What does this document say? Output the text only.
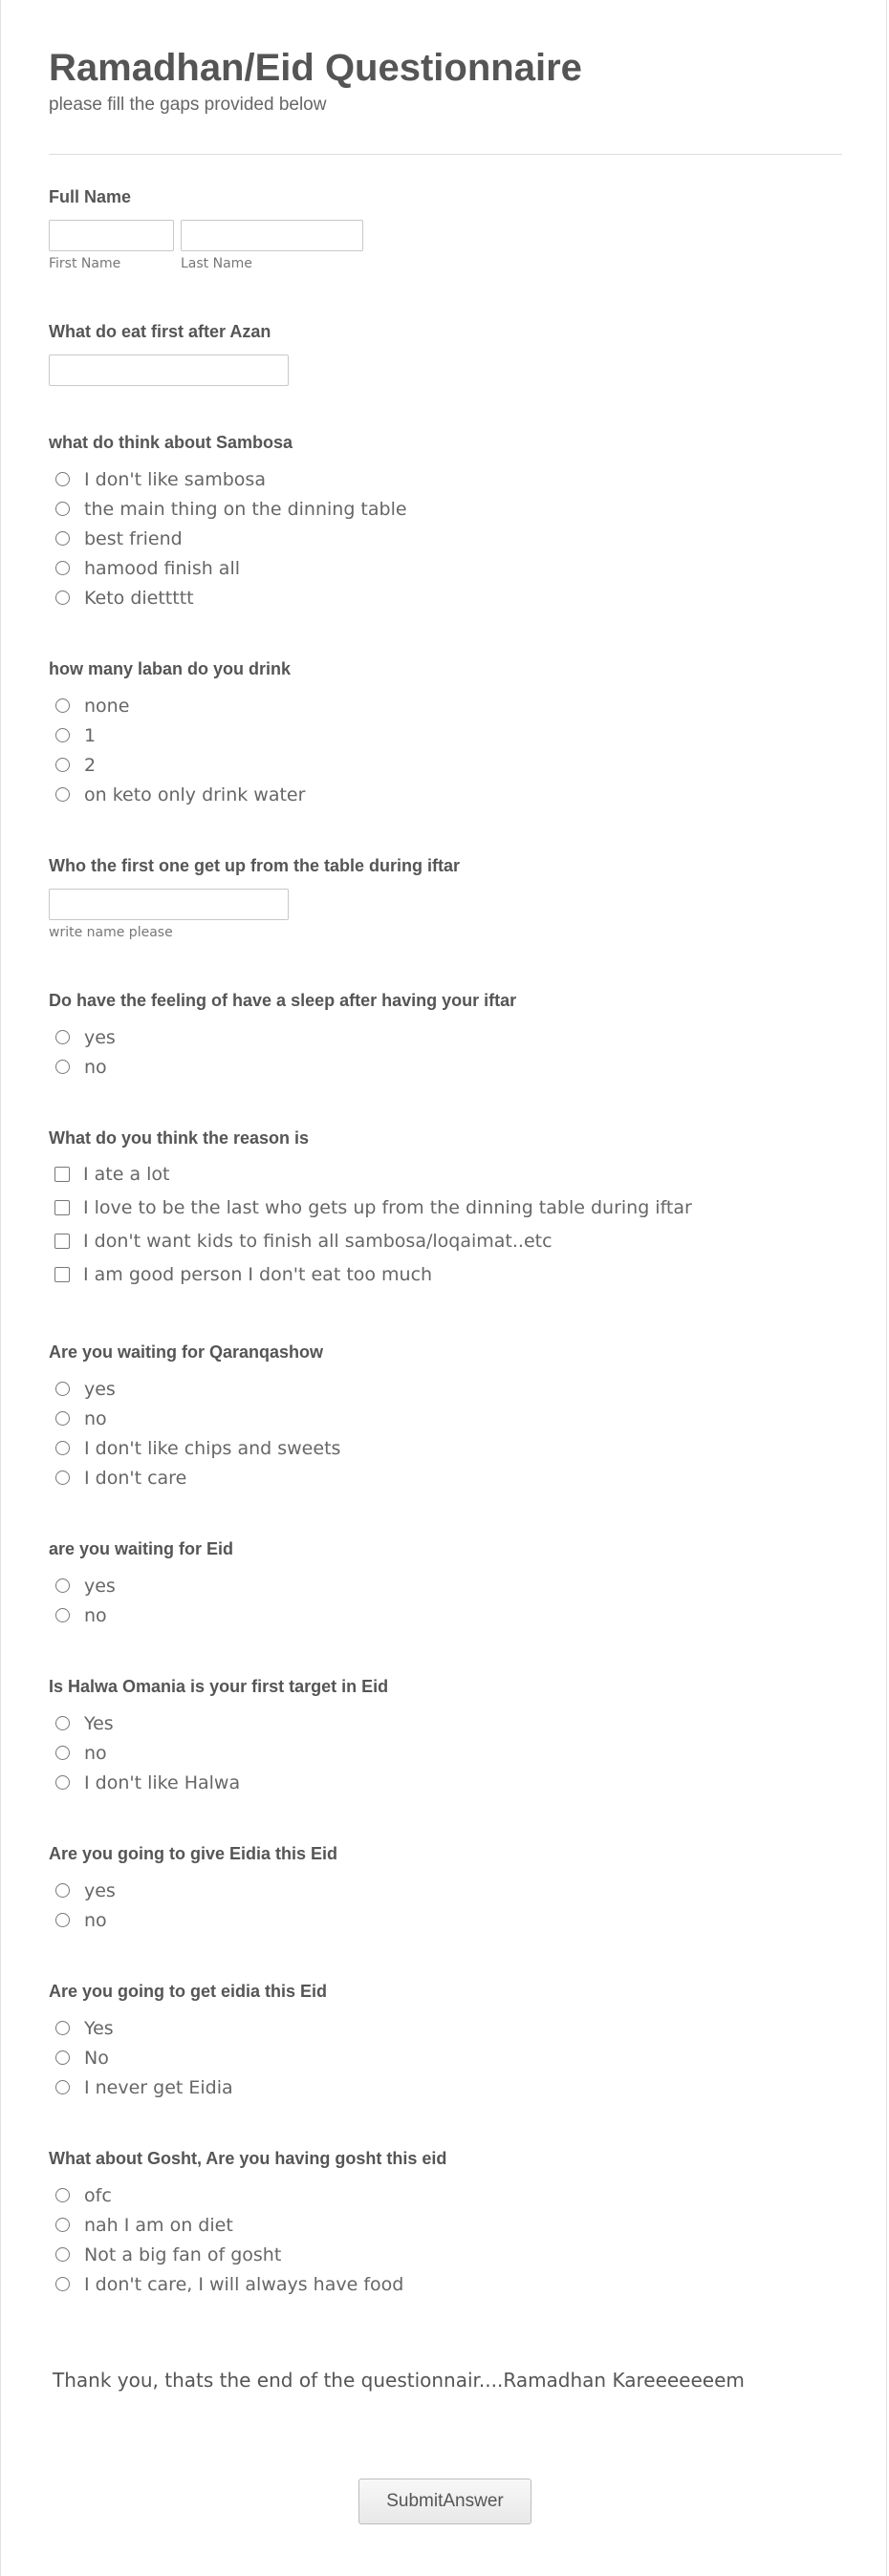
Ramadhan/Eid Questionnaire

please fill the gaps provided below

Full Name

First Name	Last Name

What do eat first after Azan

what do think about Sambosa

I don't like sambosa
the main thing on the dinning table
best friend
hamood finish all
Keto diettttt

how many laban do you drink

none
1
2
on keto only drink water

Who the first one get up from the table during iftar

write name please

Do have the feeling of have a sleep after having your iftar

yes
no

What do you think the reason is

I ate a lot
I love to be the last who gets up from the dinning table during iftar
I don't want kids to finish all sambosa/loqaimat..etc
I am good person I don't eat too much

Are you waiting for Qaranqashow

yes
no
I don't like chips and sweets
I don't care

are you waiting for Eid

yes
no

Is Halwa Omania is your first target in Eid

Yes
no
I don't like Halwa

Are you going to give Eidia this Eid

yes
no

Are you going to get eidia this Eid

Yes
No
I never get Eidia

What about Gosht, Are you having gosht this eid

ofc
nah I am on diet
Not a big fan of gosht
I don't care, I will always have food
Thank you, thats the end of the questionnair....Ramadhan Kareeeeeeem
SubmitAnswer
